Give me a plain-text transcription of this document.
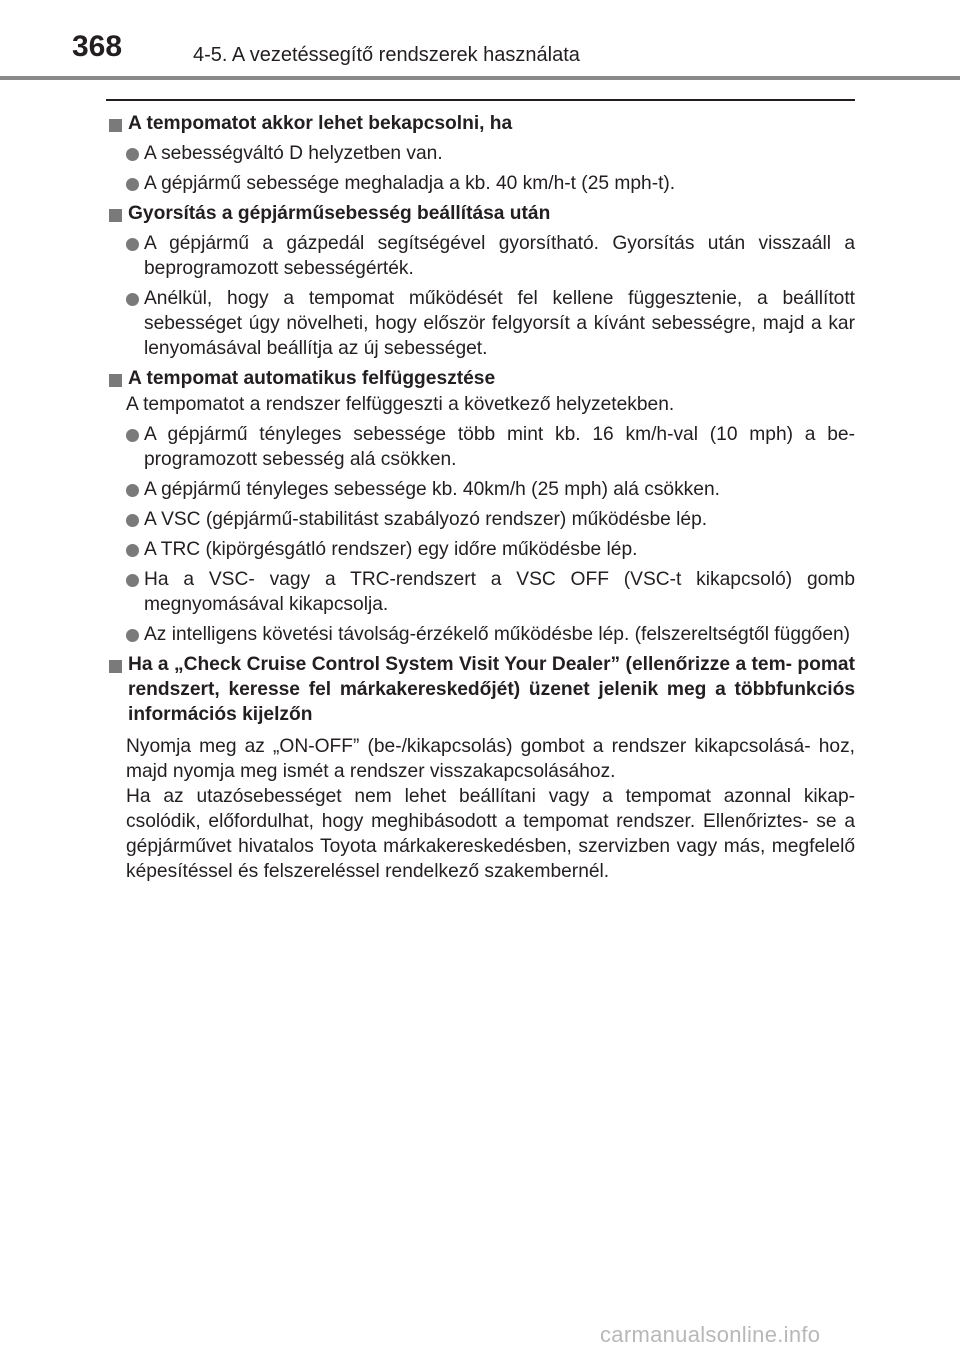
368	4-5. A vezetéssegítő rendszerek használata
A tempomatot akkor lehet bekapcsolni, ha
A sebességváltó D helyzetben van.
A gépjármű sebessége meghaladja a kb. 40 km/h-t (25 mph-t).
Gyorsítás a gépjárműsebesség beállítása után
A gépjármű a gázpedál segítségével gyorsítható. Gyorsítás után visszaáll a beprogramozott sebességérték.
Anélkül, hogy a tempomat működését fel kellene függesztenie, a beállított sebességet úgy növelheti, hogy először felgyorsít a kívánt sebességre, majd a kar lenyomásával beállítja az új sebességet.
A tempomat automatikus felfüggesztése
A tempomatot a rendszer felfüggeszti a következő helyzetekben.
A gépjármű tényleges sebessége több mint kb. 16 km/h-val (10 mph) a be- programozott sebesség alá csökken.
A gépjármű tényleges sebessége kb. 40km/h (25 mph) alá csökken.
A VSC (gépjármű-stabilitást szabályozó rendszer) működésbe lép.
A TRC (kipörgésgátló rendszer) egy időre működésbe lép.
Ha a VSC- vagy a TRC-rendszert a VSC OFF (VSC-t kikapcsoló) gomb megnyomásával kikapcsolja.
Az intelligens követési távolság-érzékelő működésbe lép. (felszereltségtől függően)
Ha a „Check Cruise Control System Visit Your Dealer” (ellenőrizze a tem- pomat rendszert, keresse fel márkakereskedőjét) üzenet jelenik meg a többfunkciós információs kijelzőn
Nyomja meg az „ON-OFF” (be-/kikapcsolás) gombot a rendszer kikapcsolásá- hoz, majd nyomja meg ismét a rendszer visszakapcsolásához.
Ha az utazósebességet nem lehet beállítani vagy a tempomat azonnal kikap- csolódik, előfordulhat, hogy meghibásodott a tempomat rendszer. Ellenőriztes- se a gépjárművet hivatalos Toyota márkakereskedésben, szervizben vagy más, megfelelő képesítéssel és felszereléssel rendelkező szakembernél.
carmanualsonline.info
